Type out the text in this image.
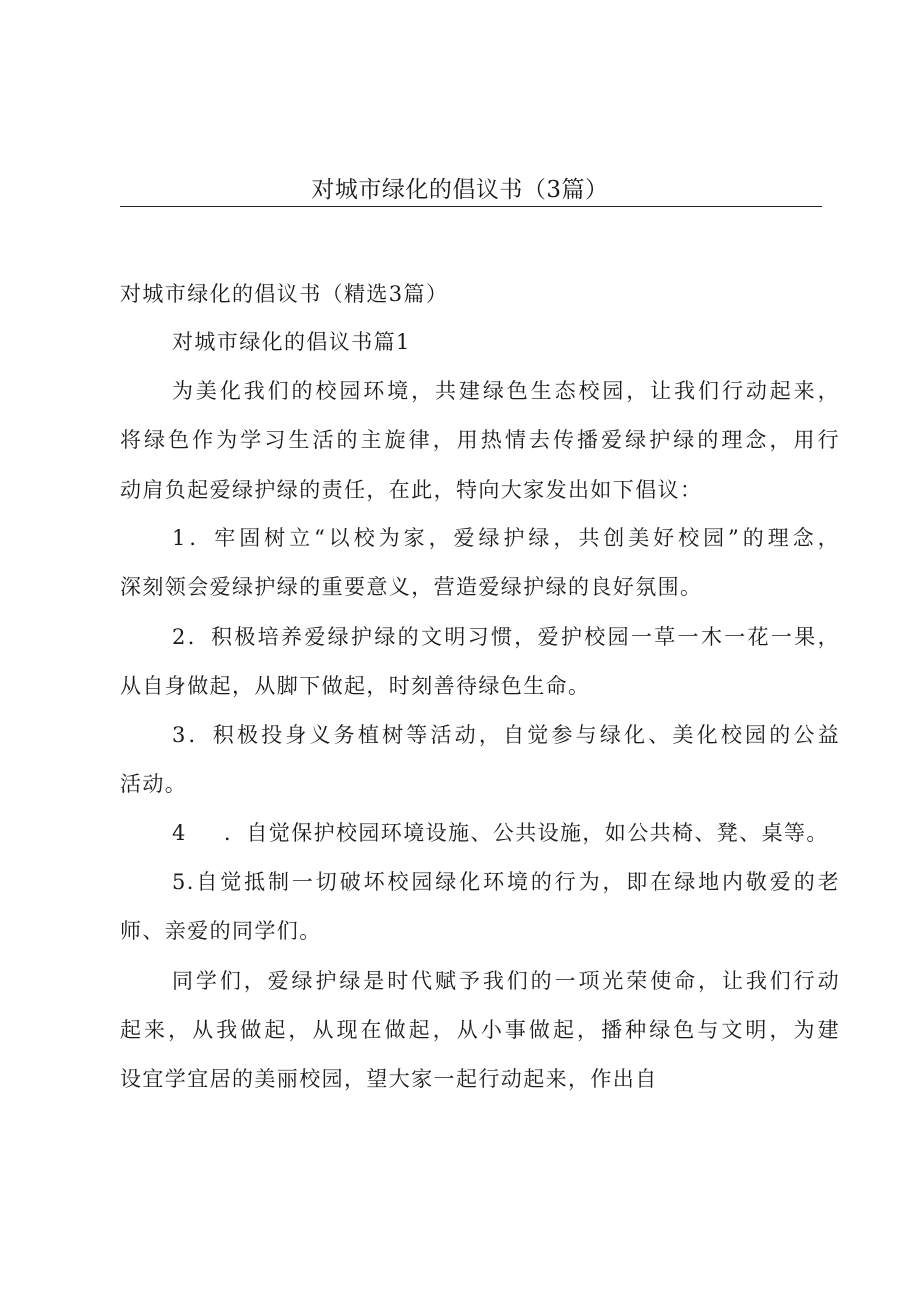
对城市绿化的倡议书（3篇）

对城市绿化的倡议书（精选3篇）

对城市绿化的倡议书篇1

为美化我们的校园环境，共建绿色生态校园，让我们行动起来，

将绿色作为学习生活的主旋律，用热情去传播爱绿护绿的理念，用行

动肩负起爱绿护绿的责任，在此，特向大家发出如下倡议：

1．牢固树立“以校为家，爱绿护绿，共创美好校园”的理念，

深刻领会爱绿护绿的重要意义，营造爱绿护绿的良好氛围。

2．积极培养爱绿护绿的文明习惯，爱护校园一草一木一花一果，

从自身做起，从脚下做起，时刻善待绿色生命。

3．积极投身义务植树等活动，自觉参与绿化、美化校园的公益

活动。

4 ．自觉保护校园环境设施、公共设施，如公共椅、凳、桌等。

5.自觉抵制一切破坏校园绿化环境的行为，即在绿地内敬爱的老

师、亲爱的同学们。

同学们，爱绿护绿是时代赋予我们的一项光荣使命，让我们行动

起来，从我做起，从现在做起，从小事做起，播种绿色与文明，为建

设宜学宜居的美丽校园，望大家一起行动起来，作出自
